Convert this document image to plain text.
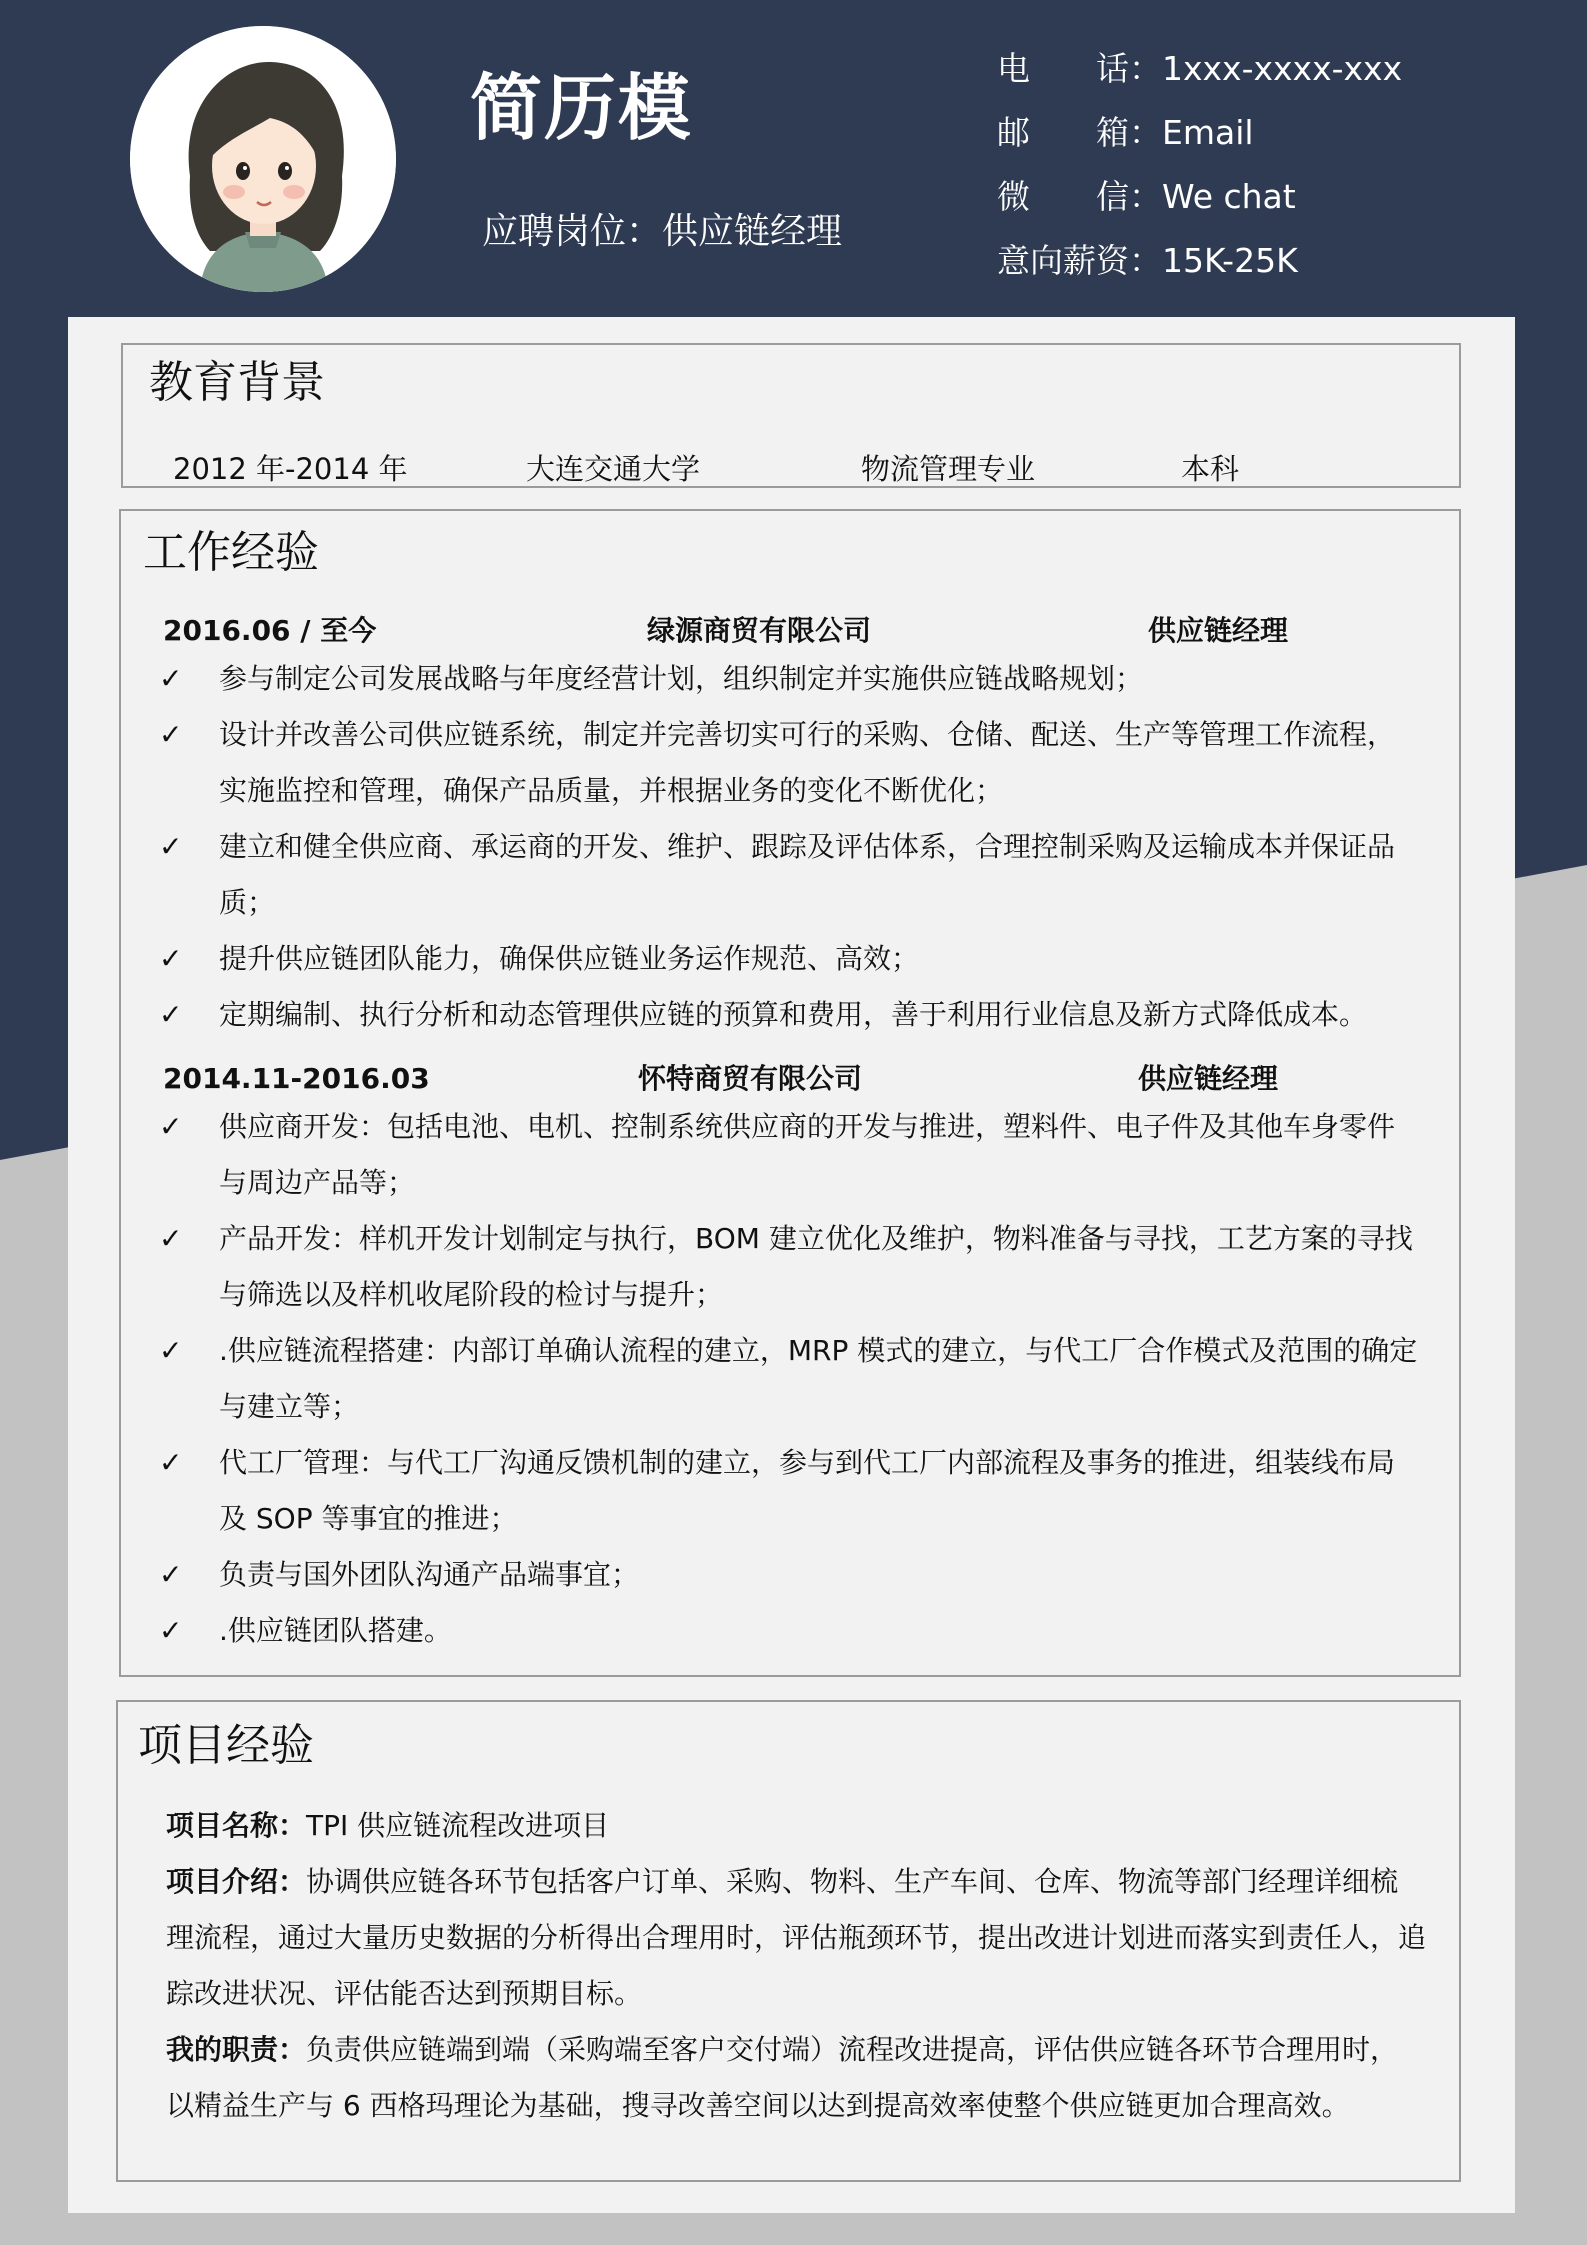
简历模
应聘岗位：供应链经理
电　　话： 1xxx-xxxx-xxx
邮　　箱： Email
微　　信： We chat
意向薪资： 15K-25K
教育背景
2012 年-2014 年	大连交通大学	物流管理专业	本科
工作经验
2016.06 / 至今	绿源商贸有限公司	供应链经理
✓ 参与制定公司发展战略与年度经营计划，组织制定并实施供应链战略规划；
✓ 设计并改善公司供应链系统，制定并完善切实可行的采购、仓储、配送、生产等管理工作流程，实施监控和管理，确保产品质量，并根据业务的变化不断优化；
✓ 建立和健全供应商、承运商的开发、维护、跟踪及评估体系，合理控制采购及运输成本并保证品质；
✓ 提升供应链团队能力，确保供应链业务运作规范、高效；
✓ 定期编制、执行分析和动态管理供应链的预算和费用，善于利用行业信息及新方式降低成本。
2014.11-2016.03	怀特商贸有限公司	供应链经理
✓ 供应商开发：包括电池、电机、控制系统供应商的开发与推进，塑料件、电子件及其他车身零件与周边产品等；
✓ 产品开发：样机开发计划制定与执行，BOM 建立优化及维护，物料准备与寻找，工艺方案的寻找与筛选以及样机收尾阶段的检讨与提升；
✓ .供应链流程搭建：内部订单确认流程的建立，MRP 模式的建立，与代工厂合作模式及范围的确定与建立等；
✓ 代工厂管理：与代工厂沟通反馈机制的建立，参与到代工厂内部流程及事务的推进，组装线布局及 SOP 等事宜的推进；
✓ 负责与国外团队沟通产品端事宜；
✓ .供应链团队搭建。
项目经验

项目名称：TPI 供应链流程改进项目

项目介绍：协调供应链各环节包括客户订单、采购、物料、生产车间、仓库、物流等部门经理详细梳理流程，通过大量历史数据的分析得出合理用时，评估瓶颈环节，提出改进计划进而落实到责任人，追踪改进状况、评估能否达到预期目标。

我的职责：负责供应链端到端（采购端至客户交付端）流程改进提高，评估供应链各环节合理用时，以精益生产与 6 西格玛理论为基础，搜寻改善空间以达到提高效率使整个供应链更加合理高效。
